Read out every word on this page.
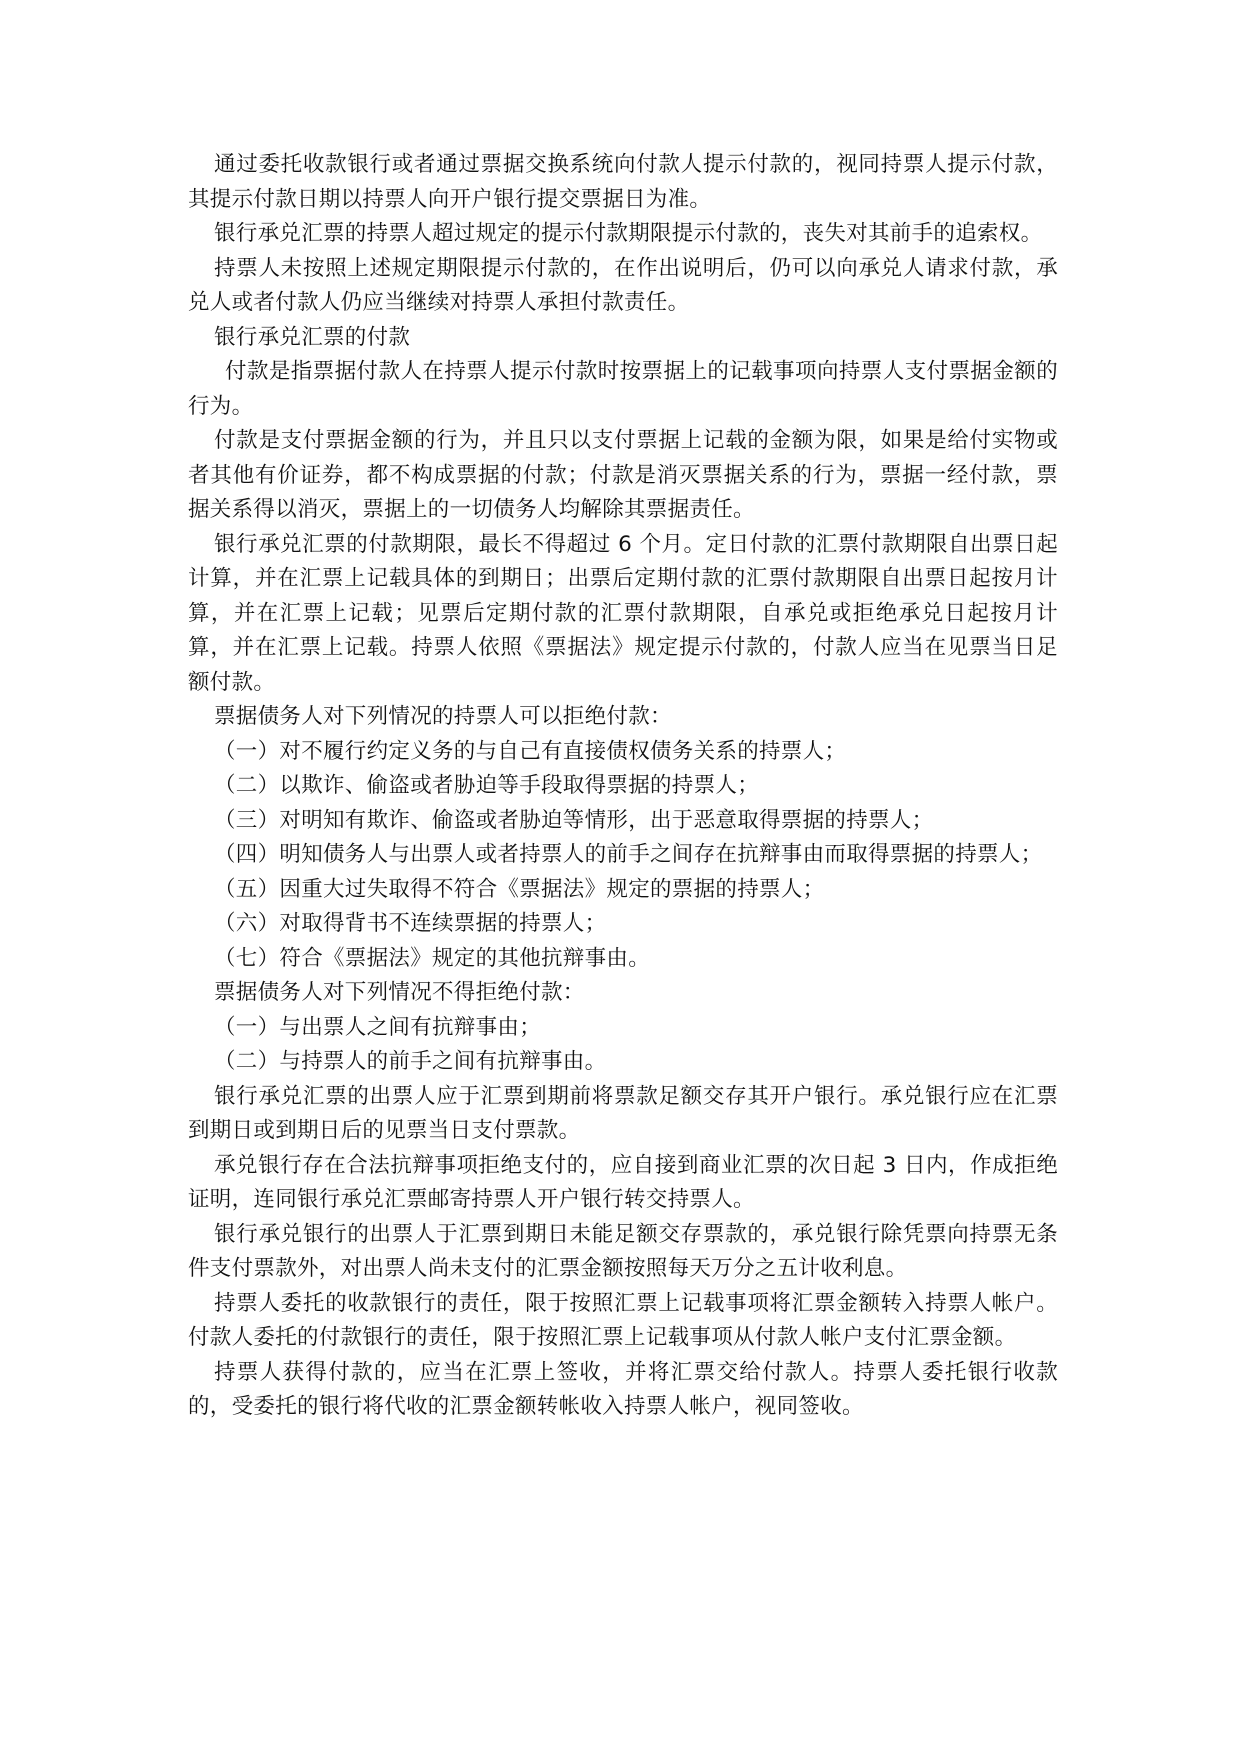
通过委托收款银行或者通过票据交换系统向付款人提示付款的，视同持票人提示付款，其提示付款日期以持票人向开户银行提交票据日为准。

银行承兑汇票的持票人超过规定的提示付款期限提示付款的，丧失对其前手的追索权。

持票人未按照上述规定期限提示付款的，在作出说明后，仍可以向承兑人请求付款，承兑人或者付款人仍应当继续对持票人承担付款责任。

银行承兑汇票的付款

付款是指票据付款人在持票人提示付款时按票据上的记载事项向持票人支付票据金额的行为。

付款是支付票据金额的行为，并且只以支付票据上记载的金额为限，如果是给付实物或者其他有价证券，都不构成票据的付款；付款是消灭票据关系的行为，票据一经付款，票据关系得以消灭，票据上的一切债务人均解除其票据责任。

银行承兑汇票的付款期限，最长不得超过 6 个月。定日付款的汇票付款期限自出票日起计算，并在汇票上记载具体的到期日；出票后定期付款的汇票付款期限自出票日起按月计算，并在汇票上记载；见票后定期付款的汇票付款期限，自承兑或拒绝承兑日起按月计算，并在汇票上记载。持票人依照《票据法》规定提示付款的，付款人应当在见票当日足额付款。

票据债务人对下列情况的持票人可以拒绝付款：

（一）对不履行约定义务的与自己有直接债权债务关系的持票人；

（二）以欺诈、偷盗或者胁迫等手段取得票据的持票人；

（三）对明知有欺诈、偷盗或者胁迫等情形，出于恶意取得票据的持票人；

（四）明知债务人与出票人或者持票人的前手之间存在抗辩事由而取得票据的持票人；

（五）因重大过失取得不符合《票据法》规定的票据的持票人；

（六）对取得背书不连续票据的持票人；

（七）符合《票据法》规定的其他抗辩事由。

票据债务人对下列情况不得拒绝付款：

（一）与出票人之间有抗辩事由；

（二）与持票人的前手之间有抗辩事由。

银行承兑汇票的出票人应于汇票到期前将票款足额交存其开户银行。承兑银行应在汇票到期日或到期日后的见票当日支付票款。

承兑银行存在合法抗辩事项拒绝支付的，应自接到商业汇票的次日起 3 日内，作成拒绝证明，连同银行承兑汇票邮寄持票人开户银行转交持票人。

银行承兑银行的出票人于汇票到期日未能足额交存票款的，承兑银行除凭票向持票无条件支付票款外，对出票人尚未支付的汇票金额按照每天万分之五计收利息。

持票人委托的收款银行的责任，限于按照汇票上记载事项将汇票金额转入持票人帐户。付款人委托的付款银行的责任，限于按照汇票上记载事项从付款人帐户支付汇票金额。

持票人获得付款的，应当在汇票上签收，并将汇票交给付款人。持票人委托银行收款的，受委托的银行将代收的汇票金额转帐收入持票人帐户，视同签收。
